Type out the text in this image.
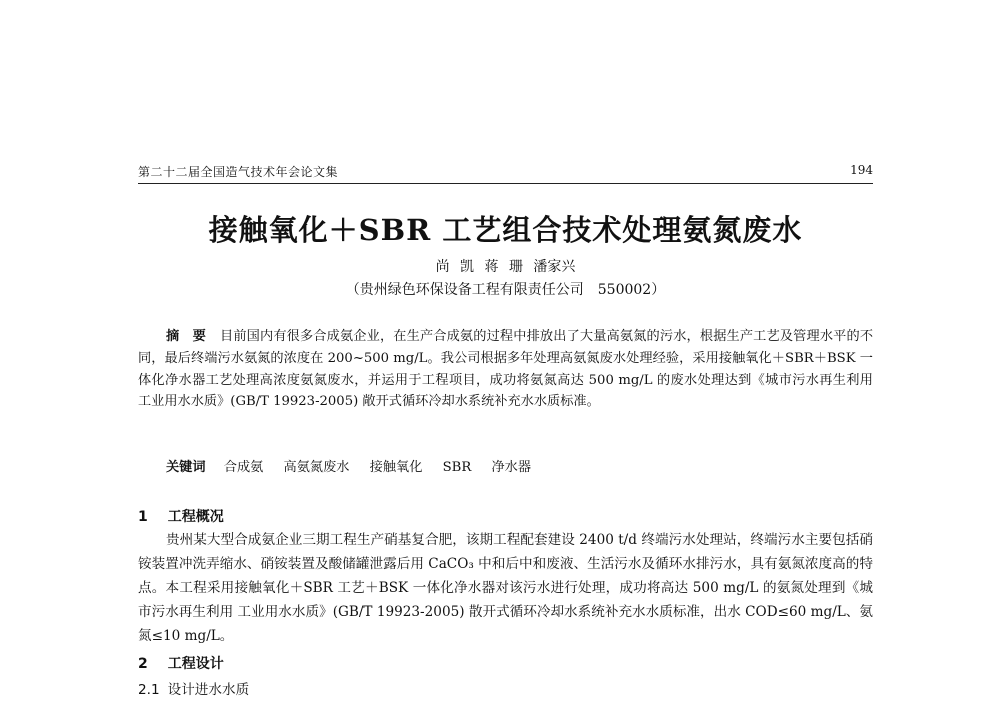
第二十二届全国造气技术年会论文集	194
接触氧化＋SBR 工艺组合技术处理氨氮废水
尚 凯 蒋 珊 潘家兴
（贵州绿色环保设备工程有限责任公司　550002）
摘　要 目前国内有很多合成氨企业，在生产合成氨的过程中排放出了大量高氨氮的污水，根据生产工艺及管理水平的不同，最后终端污水氨氮的浓度在 200~500 mg/L。我公司根据多年处理高氨氮废水处理经验，采用接触氧化＋SBR＋BSK 一体化净水器工艺处理高浓度氨氮废水，并运用于工程项目，成功将氨氮高达 500 mg/L 的废水处理达到《城市污水再生利用 工业用水水质》(GB/T 19923-2005) 敞开式循环冷却水系统补充水水质标准。
关键词 合成氨 高氨氮废水 接触氧化 SBR 净水器
1 工程概况
贵州某大型合成氨企业三期工程生产硝基复合肥，该期工程配套建设 2400 t/d 终端污水处理站，终端污水主要包括硝铵装置冲洗弄缩水、硝铵装置及酸储罐泄露后用 CaCO₃ 中和后中和废液、生活污水及循环水排污水，具有氨氮浓度高的特点。本工程采用接触氧化＋SBR 工艺＋BSK 一体化净水器对该污水进行处理，成功将高达 500 mg/L 的氨氮处理到《城市污水再生利用 工业用水水质》(GB/T 19923-2005) 散开式循环冷却水系统补充水水质标准，出水 COD≤60 mg/L、氨氮≤10 mg/L。
2 工程设计
2.1 设计进水水质
